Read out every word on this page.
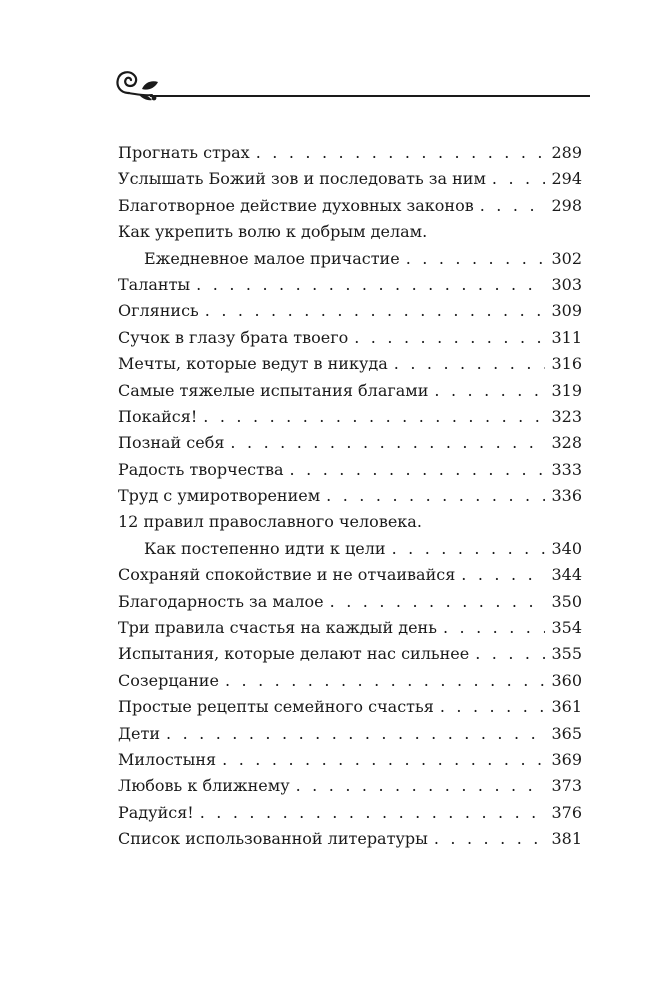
Прогнать страх . . .	289
Услышать Божий зов и последовать за ним . . .	294
Благотворное действие духовных законов . . .	298
Как укрепить волю к добрым делам.
Ежедневное малое причастие . . .	302
Таланты . . .	303
Оглянись . . .	309
Сучок в глазу брата твоего . . .	311
Мечты, которые ведут в никуда . . .	316
Самые тяжелые испытания благами . . .	319
Покайся! . . .	323
Познай себя . . .	328
Радость творчества . . .	333
Труд с умиротворением . . .	336
12 правил православного человека.
Как постепенно идти к цели . . .	340
Сохраняй спокойствие и не отчаивайся . . .	344
Благодарность за малое . . .	350
Три правила счастья на каждый день . . .	354
Испытания, которые делают нас сильнее . . .	355
Созерцание . . .	360
Простые рецепты семейного счастья . . .	361
Дети . . .	365
Милостыня . . .	369
Любовь к ближнему . . .	373
Радуйся! . . .	376
Список использованной литературы . . .	381
